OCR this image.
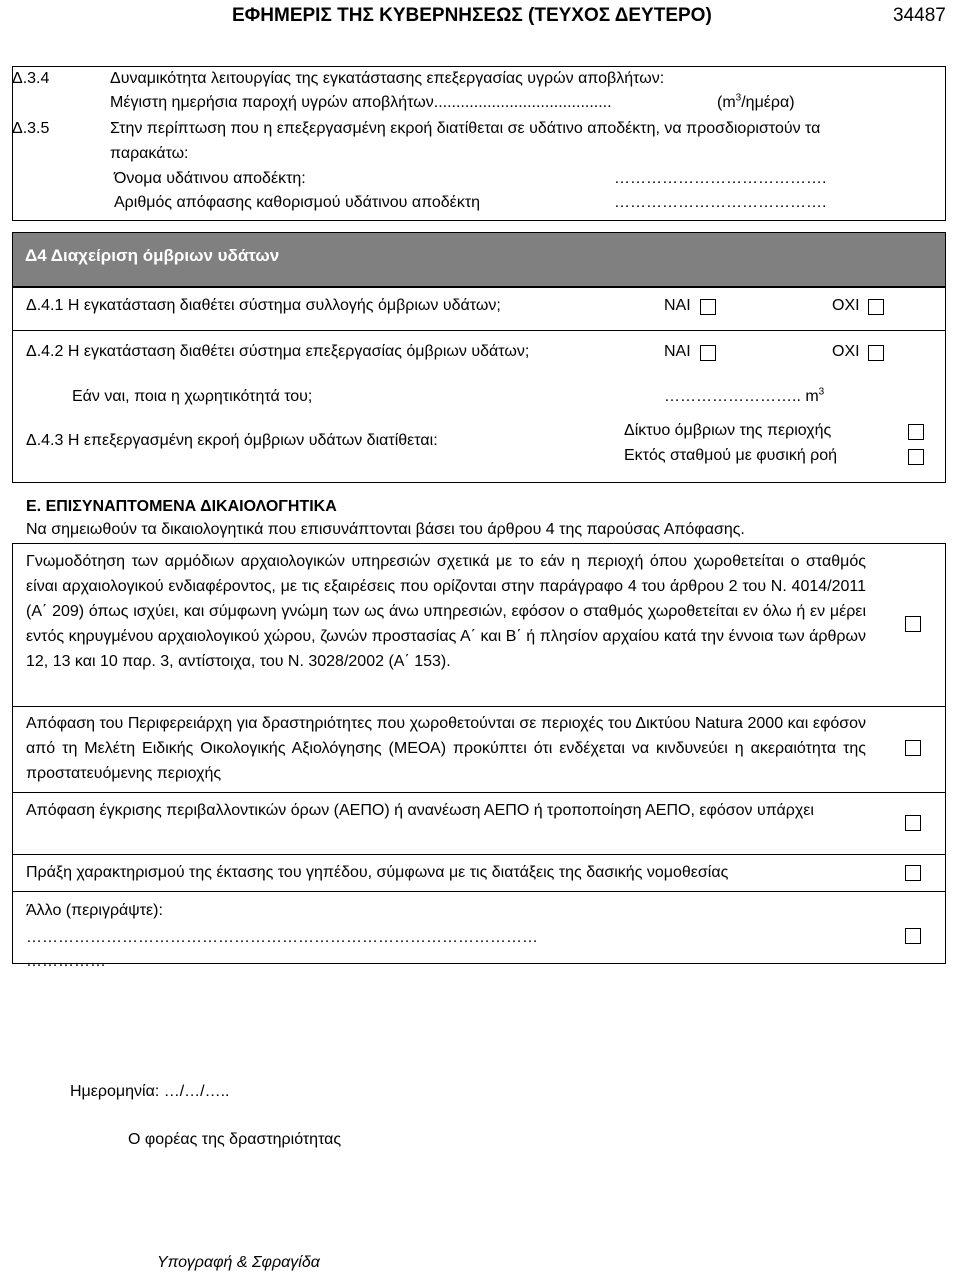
ΕΦΗΜΕΡΙΣ ΤΗΣ ΚΥΒΕΡΝΗΣΕΩΣ (ΤΕΥΧΟΣ ΔΕΥΤΕΡΟ)	34487
Δ.3.4	Δυναμικότητα λειτουργίας της εγκατάστασης επεξεργασίας υγρών αποβλήτων:
Μέγιστη ημερήσια παροχή υγρών αποβλήτων........................................	$(m^3/\eta\mu έ\rho\alpha)$
Δ.3.5	Στην περίπτωση που η επεξεργασμένη εκροή διατίθεται σε υδάτινο αποδέκτη, να προσδιοριστούν τα
παρακάτω:
Όνομα υδάτινου αποδέκτη:	………………………………….
Αριθμός απόφασης καθορισμού υδάτινου αποδέκτη	………………………………….
Δ4 Διαχείριση όμβριων υδάτων
Δ.4.1 Η εγκατάσταση διαθέτει σύστημα συλλογής όμβριων υδάτων;	ΝΑΙ	ΟΧΙ
Δ.4.2 Η εγκατάσταση διαθέτει σύστημα επεξεργασίας όμβριων υδάτων;	ΝΑΙ	ΟΧΙ
Εάν ναι, ποια η χωρητικότητά του;	…………………….. $m^3$
Δ.4.3 Η επεξεργασμένη εκροή όμβριων υδάτων διατίθεται:
Δίκτυο όμβριων της περιοχής
Εκτός σταθμού με φυσική ροή
Ε. ΕΠΙΣΥΝΑΠΤΟΜΕΝΑ ΔΙΚΑΙΟΛΟΓΗΤΙΚΑ
Να σημειωθούν τα δικαιολογητικά που επισυνάπτονται βάσει του άρθρου 4 της παρούσας Απόφασης.
Γνωμοδότηση των αρμόδιων αρχαιολογικών υπηρεσιών σχετικά με το εάν η περιοχή όπου χωροθετείται ο σταθμός είναι αρχαιολογικού ενδιαφέροντος, με τις εξαιρέσεις που ορίζονται στην παράγραφο 4 του άρθρου 2 του Ν. 4014/2011 (Α΄ 209) όπως ισχύει, και σύμφωνη γνώμη των ως άνω υπηρεσιών, εφόσον ο σταθμός χωροθετείται εν όλω ή εν μέρει εντός κηρυγμένου αρχαιολογικού χώρου, ζωνών προστασίας Α΄ και Β΄ ή πλησίον αρχαίου κατά την έννοια των άρθρων 12, 13 και 10 παρ. 3, αντίστοιχα, του Ν. 3028/2002 (Α΄ 153).
Απόφαση του Περιφερειάρχη για δραστηριότητες που χωροθετούνται σε περιοχές του Δικτύου Natura 2000 και εφόσον από τη Μελέτη Ειδικής Οικολογικής Αξιολόγησης (ΜΕΟΑ) προκύπτει ότι ενδέχεται να κινδυνεύει η ακεραιότητα της προστατευόμενης περιοχής
Απόφαση έγκρισης περιβαλλοντικών όρων (ΑΕΠΟ) ή ανανέωση ΑΕΠΟ ή τροποποίηση ΑΕΠΟ, εφόσον υπάρχει
Πράξη χαρακτηρισμού της έκτασης του γηπέδου, σύμφωνα με τις διατάξεις της δασικής νομοθεσίας
Άλλο (περιγράψτε):
……………………………………………………………………………………
……………
Ημερομηνία: …/…/…..
Ο φορέας της δραστηριότητας
Υπογραφή & Σφραγίδα
